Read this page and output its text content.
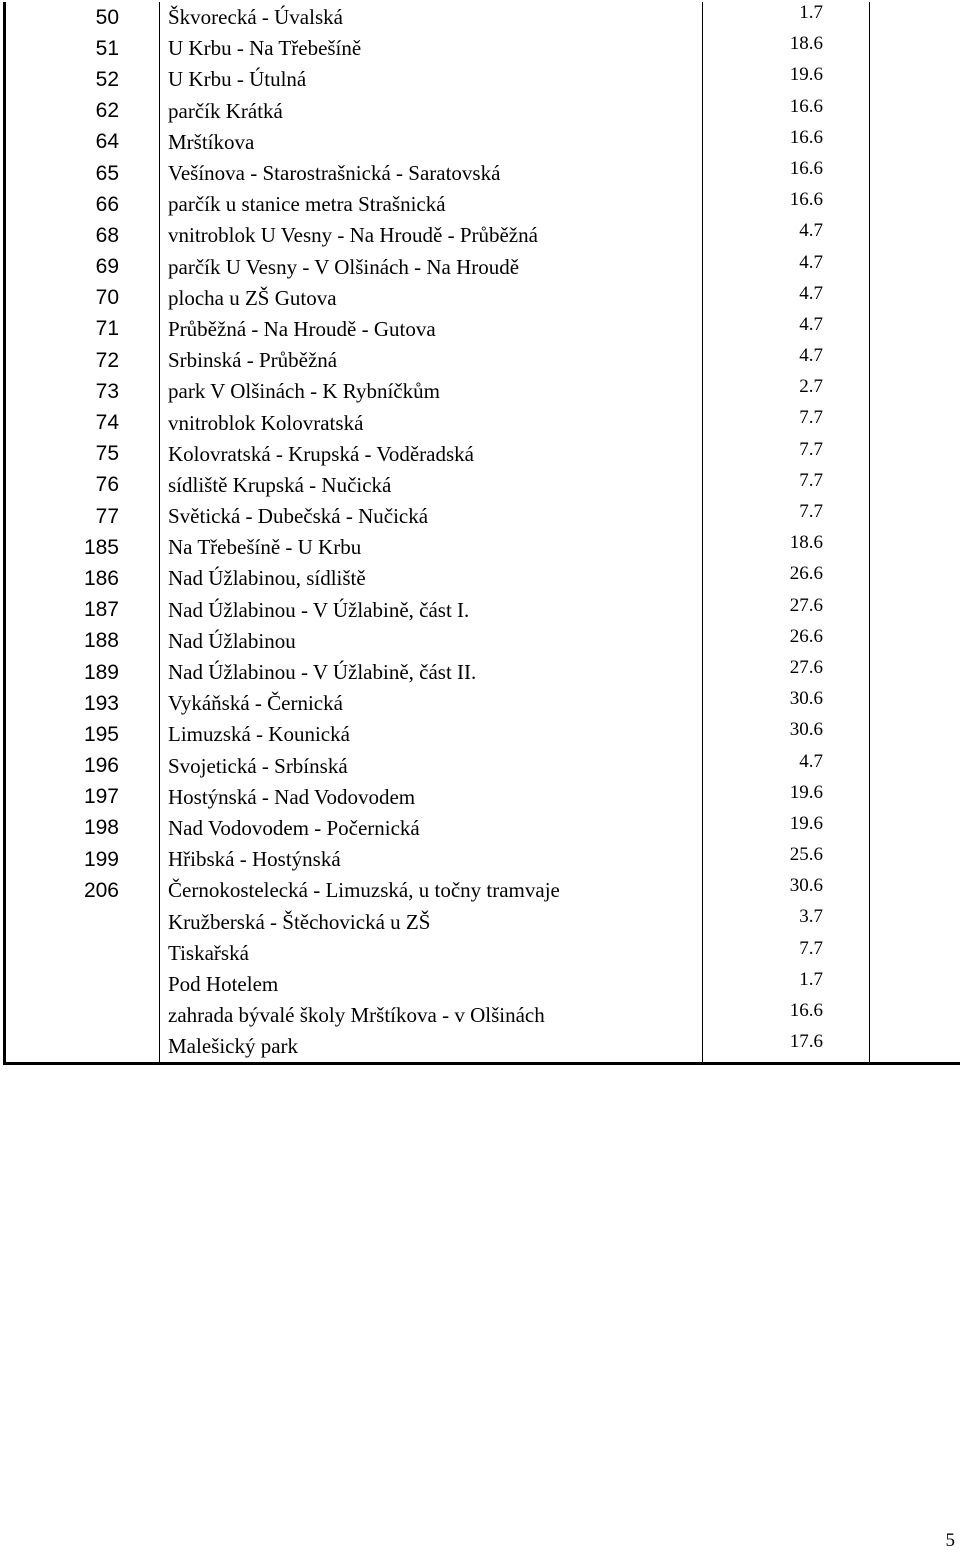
50	Škvorecká - Úvalská	1.7	
51	U Krbu - Na Třebešíně	18.6	
52	U Krbu - Útulná	19.6	
62	parčík Krátká	16.6	
64	Mrštíkova	16.6	
65	Vešínova - Starostrašnická - Saratovská	16.6	
66	parčík u stanice metra Strašnická	16.6	
68	vnitroblok U Vesny - Na Hroudě - Průběžná	4.7	
69	parčík U Vesny - V Olšinách - Na Hroudě	4.7	
70	plocha u ZŠ Gutova	4.7	
71	Průběžná - Na Hroudě - Gutova	4.7	
72	Srbinská - Průběžná	4.7	
73	park V Olšinách - K Rybníčkům	2.7	
74	vnitroblok Kolovratská	7.7	
75	Kolovratská - Krupská - Voděradská	7.7	
76	sídliště Krupská - Nučická	7.7	
77	Světická - Dubečská - Nučická	7.7	
185	Na Třebešíně - U Krbu	18.6	
186	Nad Úžlabinou, sídliště	26.6	
187	Nad Úžlabinou - V Úžlabině, část I.	27.6	
188	Nad Úžlabinou	26.6	
189	Nad Úžlabinou - V Úžlabině, část II.	27.6	
193	Vykáňská - Černická	30.6	
195	Limuzská - Kounická	30.6	
196	Svojetická - Srbínská	4.7	
197	Hostýnská - Nad Vodovodem	19.6	
198	Nad Vodovodem - Počernická	19.6	
199	Hřibská - Hostýnská	25.6	
206	Černokostelecká - Limuzská, u točny tramvaje	30.6	
	Kružberská - Štěchovická u ZŠ	3.7	
	Tiskařská	7.7	
	Pod Hotelem	1.7	
	zahrada bývalé školy Mrštíkova - v Olšinách	16.6	
	Malešický park	17.6	
5
